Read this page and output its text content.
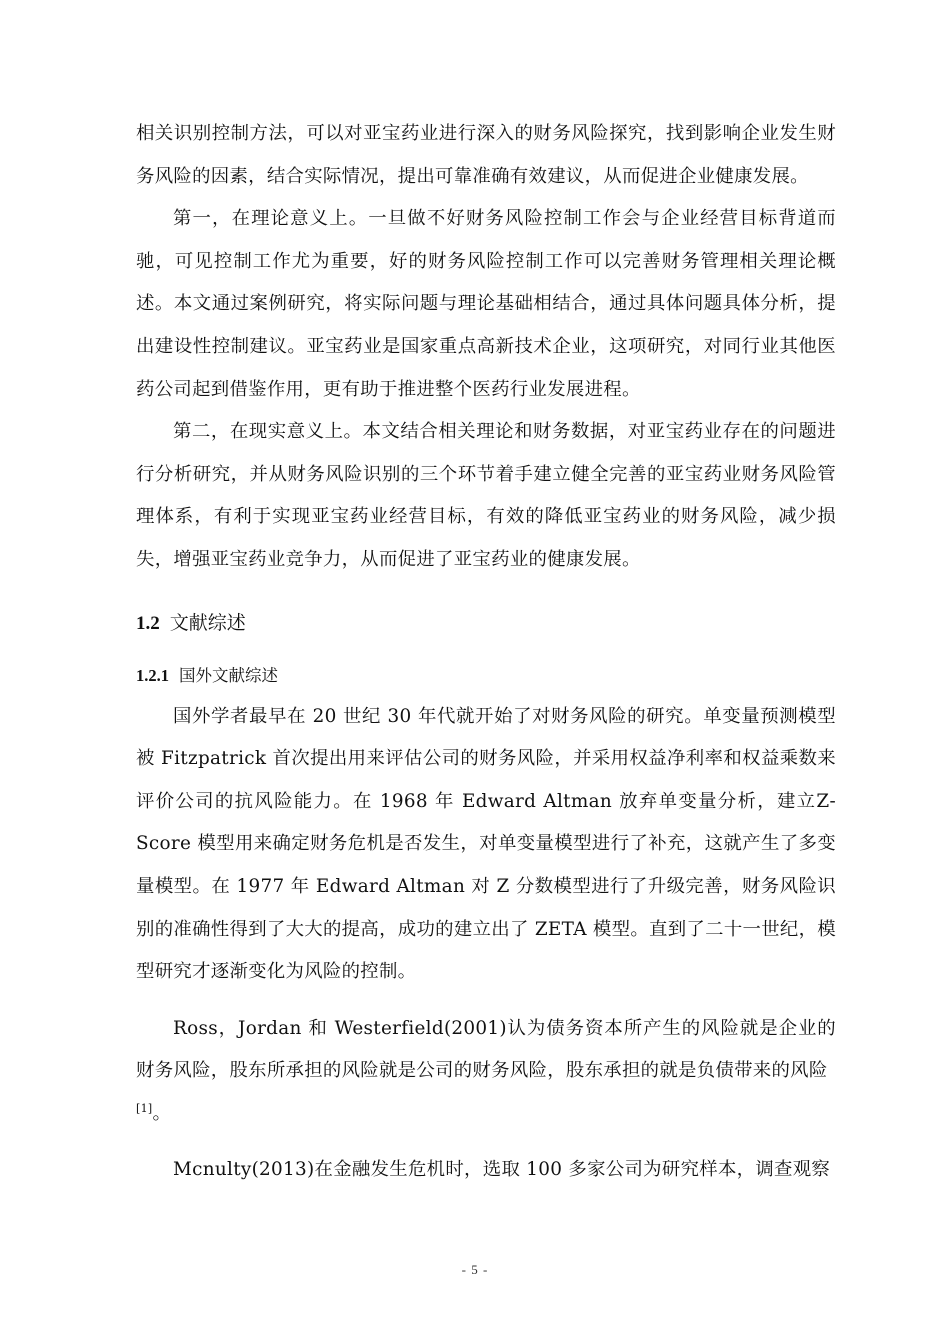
相关识别控制方法，可以对亚宝药业进行深入的财务风险探究，找到影响企业发生财务风险的因素，结合实际情况，提出可靠准确有效建议，从而促进企业健康发展。

第一，在理论意义上。一旦做不好财务风险控制工作会与企业经营目标背道而驰，可见控制工作尤为重要，好的财务风险控制工作可以完善财务管理相关理论概述。本文通过案例研究，将实际问题与理论基础相结合，通过具体问题具体分析，提出建设性控制建议。亚宝药业是国家重点高新技术企业，这项研究，对同行业其他医药公司起到借鉴作用，更有助于推进整个医药行业发展进程。

第二，在现实意义上。本文结合相关理论和财务数据，对亚宝药业存在的问题进行分析研究，并从财务风险识别的三个环节着手建立健全完善的亚宝药业财务风险管理体系，有利于实现亚宝药业经营目标，有效的降低亚宝药业的财务风险，减少损失，增强亚宝药业竞争力，从而促进了亚宝药业的健康发展。

1.2 文献综述
1.2.1 国外文献综述

国外学者最早在 20 世纪 30 年代就开始了对财务风险的研究。单变量预测模型被 Fitzpatrick 首次提出用来评估公司的财务风险，并采用权益净利率和权益乘数来评价公司的抗风险能力。在 1968 年 Edward Altman 放弃单变量分析，建立Z-Score 模型用来确定财务危机是否发生，对单变量模型进行了补充，这就产生了多变量模型。在 1977 年 Edward Altman 对 Z 分数模型进行了升级完善，财务风险识别的准确性得到了大大的提高，成功的建立出了 ZETA 模型。直到了二十一世纪，模型研究才逐渐变化为风险的控制。

Ross，Jordan 和 Westerfield(2001)认为债务资本所产生的风险就是企业的财务风险，股东所承担的风险就是公司的财务风险，股东承担的就是负债带来的风险
[1]。

Mcnulty(2013)在金融发生危机时，选取 100 多家公司为研究样本，调查观察

- 5 -
